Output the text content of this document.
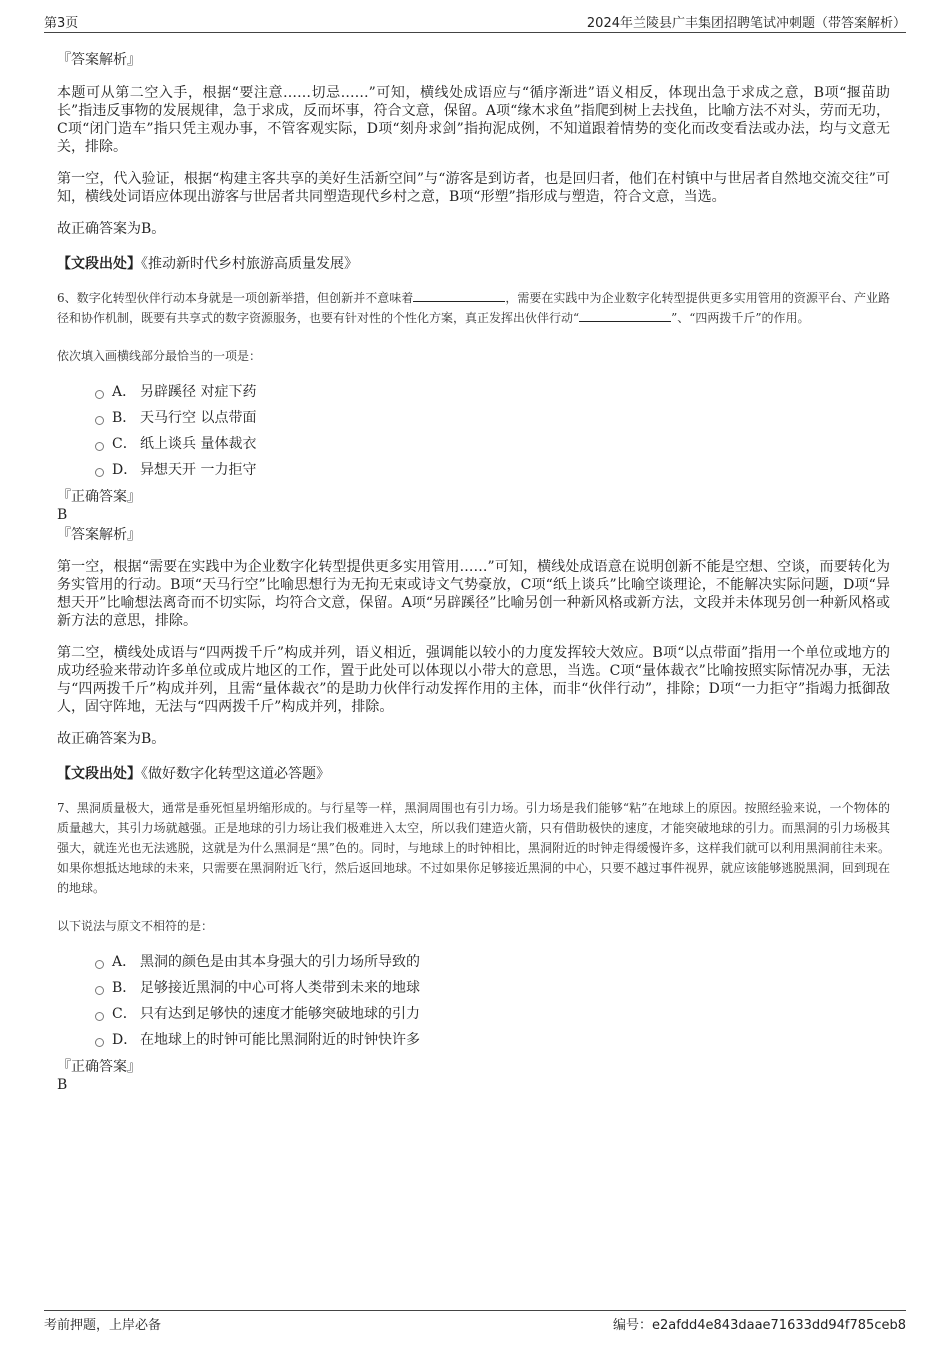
第3页	2024年兰陵县广丰集团招聘笔试冲刺题（带答案解析）

『答案解析』

本题可从第二空入手，根据“要注意……切忌……”可知，横线处成语应与“循序渐进”语义相反，体现出急于求成之意，B项“揠苗助长”指违反事物的发展规律，急于求成，反而坏事，符合文意，保留。A项“缘木求鱼”指爬到树上去找鱼，比喻方法不对头，劳而无功，C项“闭门造车”指只凭主观办事，不管客观实际，D项“刻舟求剑”指拘泥成例，不知道跟着情势的变化而改变看法或办法，均与文意无关，排除。

第一空，代入验证，根据“构建主客共享的美好生活新空间”与“游客是到访者，也是回归者，他们在村镇中与世居者自然地交流交往”可知，横线处词语应体现出游客与世居者共同塑造现代乡村之意，B项“形塑”指形成与塑造，符合文意，当选。

故正确答案为B。

【文段出处】《推动新时代乡村旅游高质量发展》

6、数字化转型伙伴行动本身就是一项创新举措，但创新并不意味着	，需要在实践中为企业数字化转型提供更多实用管用的资源平台、产业路径和协作机制，既要有共享式的数字资源服务，也要有针对性的个性化方案，真正发挥出伙伴行动“	”、“四两拨千斤”的作用。

依次填入画横线部分最恰当的一项是：

A． 另辟蹊径 对症下药
B． 天马行空 以点带面
C． 纸上谈兵 量体裁衣
D． 异想天开 一力拒守

『正确答案』

B

『答案解析』

第一空，根据“需要在实践中为企业数字化转型提供更多实用管用……”可知，横线处成语意在说明创新不能是空想、空谈，而要转化为务实管用的行动。B项“天马行空”比喻思想行为无拘无束或诗文气势豪放，C项“纸上谈兵”比喻空谈理论，不能解决实际问题，D项“异想天开”比喻想法离奇而不切实际，均符合文意，保留。A项“另辟蹊径”比喻另创一种新风格或新方法，文段并未体现另创一种新风格或新方法的意思，排除。

第二空，横线处成语与“四两拨千斤”构成并列，语义相近，强调能以较小的力度发挥较大效应。B项“以点带面”指用一个单位或地方的成功经验来带动许多单位或成片地区的工作，置于此处可以体现以小带大的意思，当选。C项“量体裁衣”比喻按照实际情况办事，无法与“四两拨千斤”构成并列，且需“量体裁衣”的是助力伙伴行动发挥作用的主体，而非“伙伴行动”，排除；D项“一力拒守”指竭力抵御敌人，固守阵地，无法与“四两拨千斤”构成并列，排除。

故正确答案为B。

【文段出处】《做好数字化转型这道必答题》

7、黑洞质量极大，通常是垂死恒星坍缩形成的。与行星等一样，黑洞周围也有引力场。引力场是我们能够“粘”在地球上的原因。按照经验来说，一个物体的质量越大，其引力场就越强。正是地球的引力场让我们极难进入太空，所以我们建造火箭，只有借助极快的速度，才能突破地球的引力。而黑洞的引力场极其强大，就连光也无法逃脱，这就是为什么黑洞是“黑”色的。同时，与地球上的时钟相比，黑洞附近的时钟走得缓慢许多，这样我们就可以利用黑洞前往未来。如果你想抵达地球的未来，只需要在黑洞附近飞行，然后返回地球。不过如果你足够接近黑洞的中心，只要不越过事件视界，就应该能够逃脱黑洞，回到现在的地球。

以下说法与原文不相符的是：

A． 黑洞的颜色是由其本身强大的引力场所导致的
B． 足够接近黑洞的中心可将人类带到未来的地球
C． 只有达到足够快的速度才能够突破地球的引力
D． 在地球上的时钟可能比黑洞附近的时钟快许多

『正确答案』

B

考前押题，上岸必备	编号：e2afdd4e843daae71633dd94f785ceb8
